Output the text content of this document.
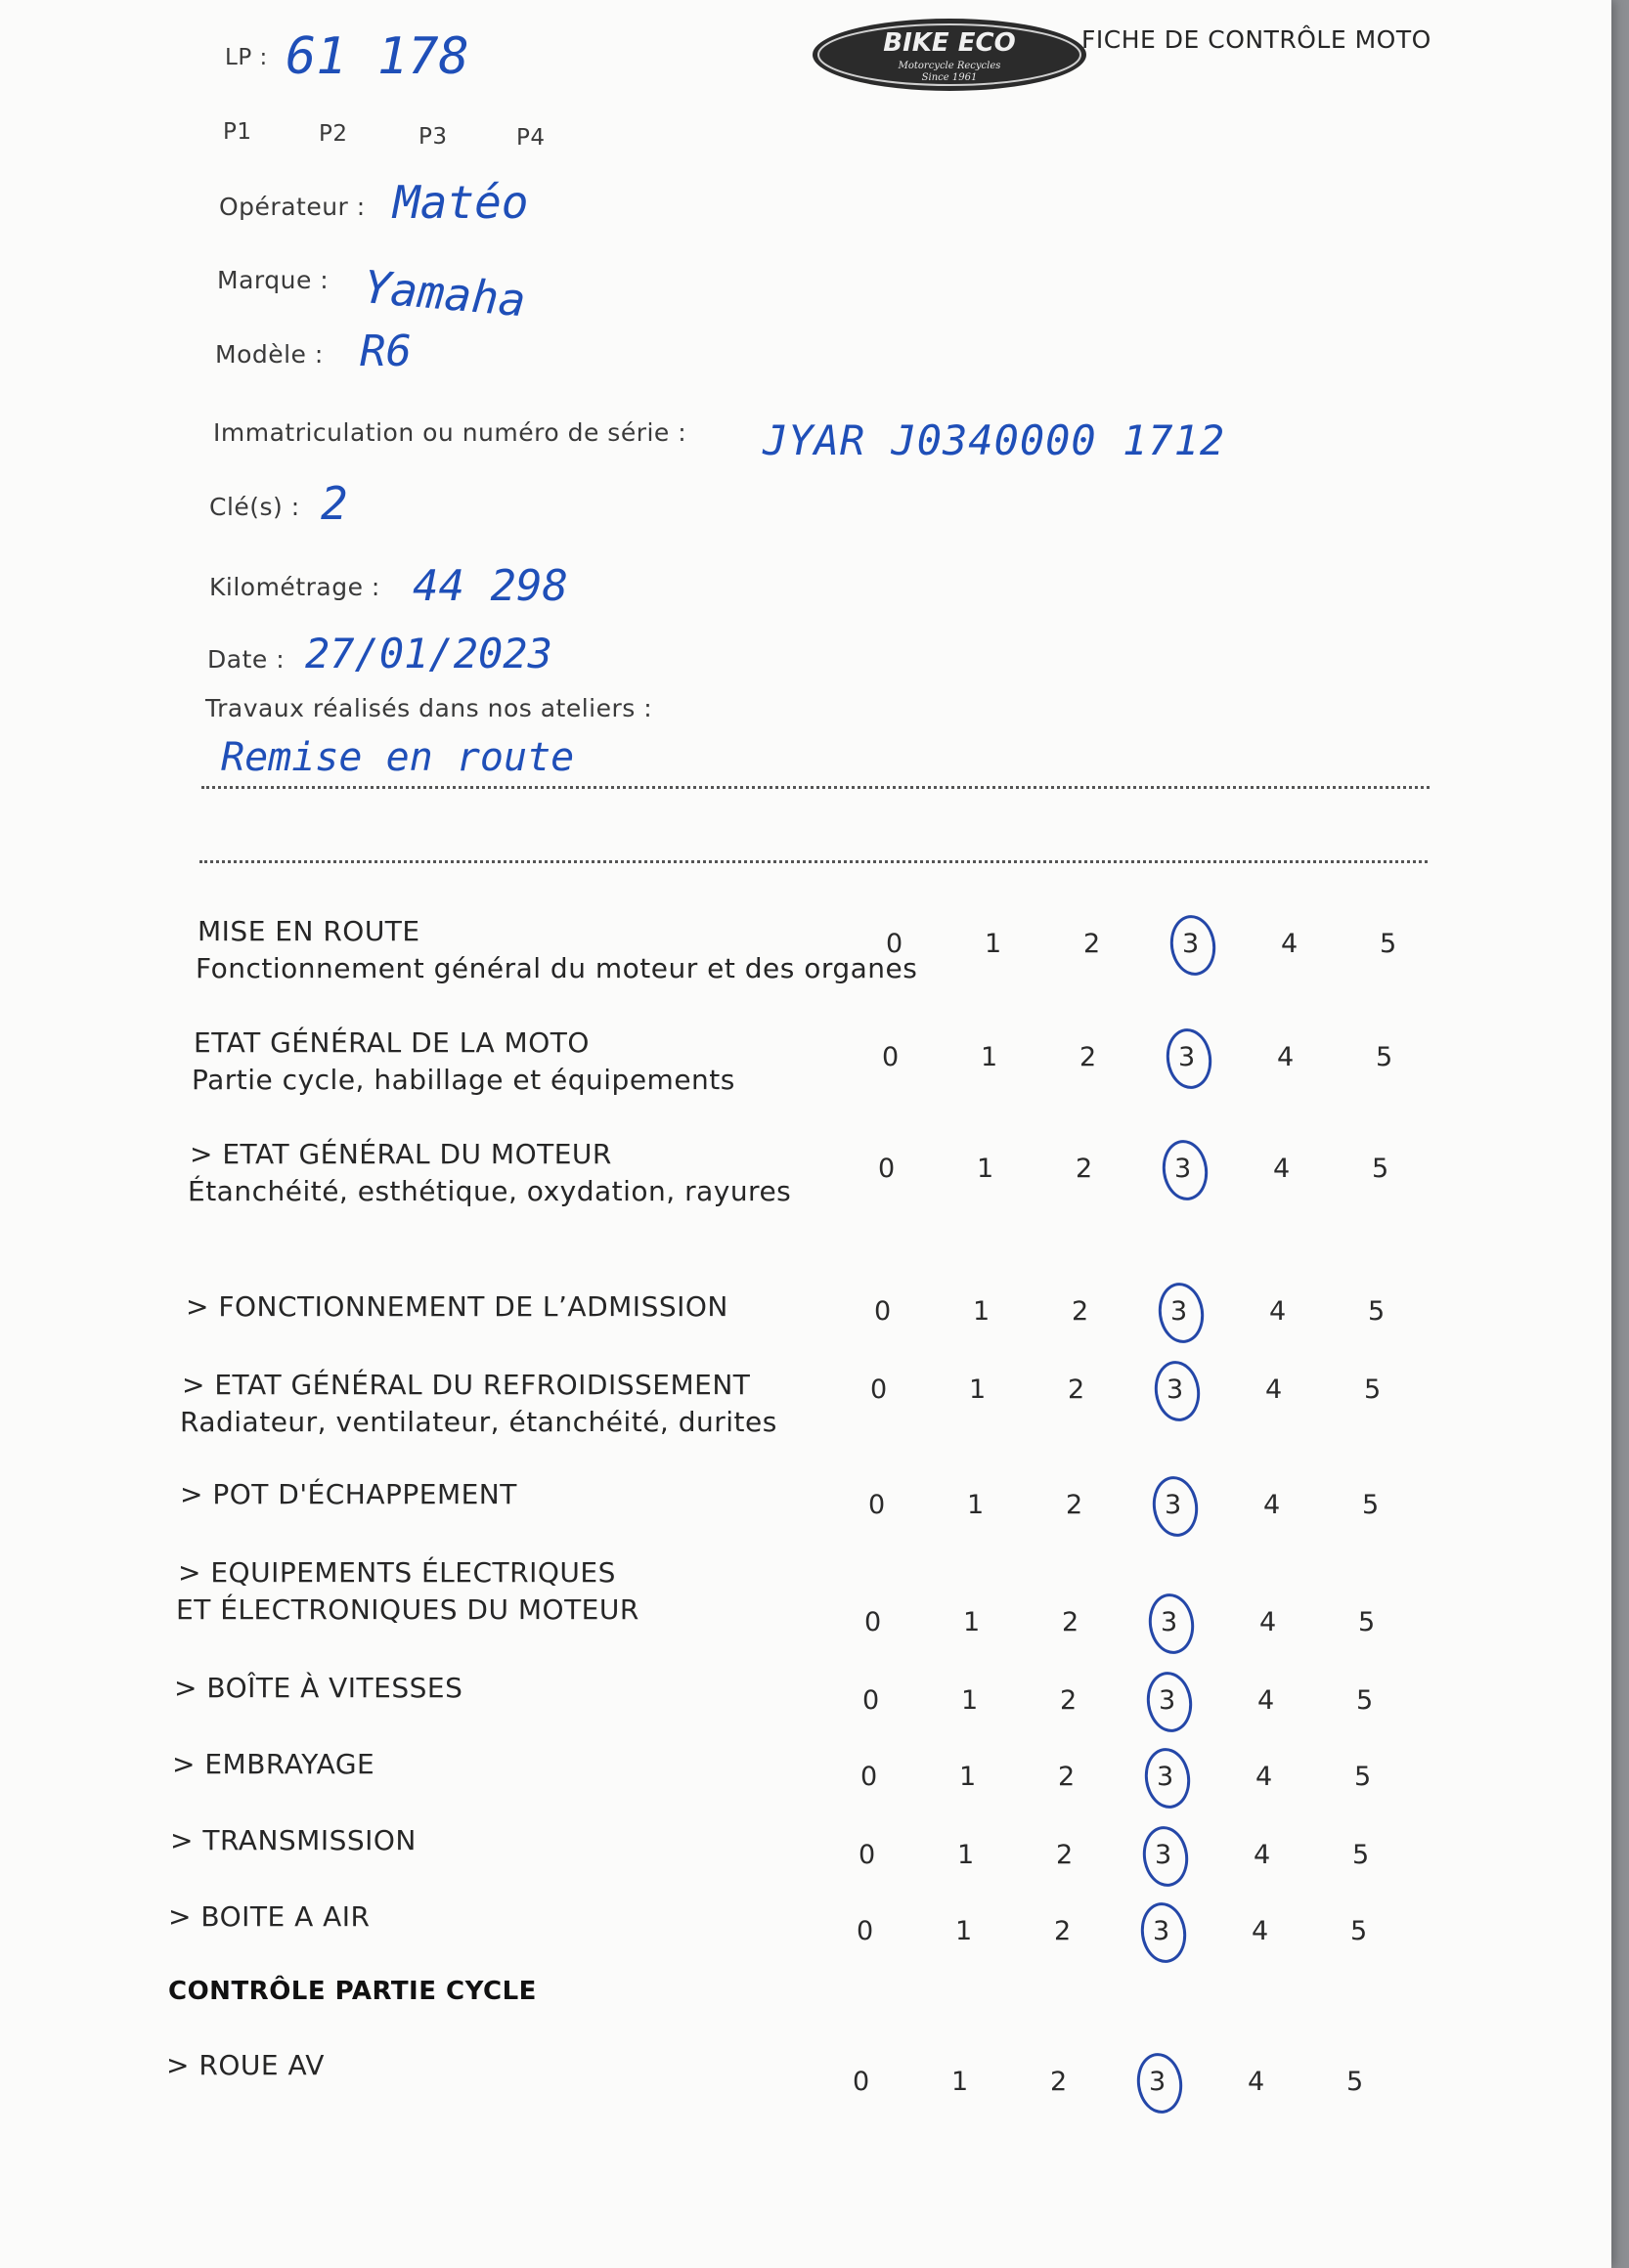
BIKE ECO
Motorcycle Recycles
Since 1961
FICHE DE CONTRÔLE MOTO
LP : 61 178
P1	P2	P3	P4
Opérateur : Matéo
Marque : Yamaha
Modèle : R6
Immatriculation ou numéro de série : JYAR J0340000 1712
Clé(s) : 2
Kilométrage : 44 298
Date : 27/01/2023
Travaux réalisés dans nos ateliers :
Remise en route
MISE EN ROUTE
Fonctionnement général du moteur et des organes
0	1	2	3	4	5
ETAT GÉNÉRAL DE LA MOTO
Partie cycle, habillage et équipements
0	1	2	3	4	5
> ETAT GÉNÉRAL DU MOTEUR
Étanchéité, esthétique, oxydation, rayures
0	1	2	3	4	5
> FONCTIONNEMENT DE L’ADMISSION	0	1	2	3	4	5
> ETAT GÉNÉRAL DU REFROIDISSEMENT
Radiateur, ventilateur, étanchéité, durites
0	1	2	3	4	5
> POT D'ÉCHAPPEMENT	0	1	2	3	4	5
> EQUIPEMENTS ÉLECTRIQUES
ET ÉLECTRONIQUES DU MOTEUR	0	1	2	3	4	5
> BOÎTE À VITESSES	0	1	2	3	4	5
> EMBRAYAGE	0	1	2	3	4	5
> TRANSMISSION	0	1	2	3	4	5
> BOITE A AIR	0	1	2	3	4	5
> ROUE AV
0	1	2	3	4	5
CONTRÔLE PARTIE CYCLE
